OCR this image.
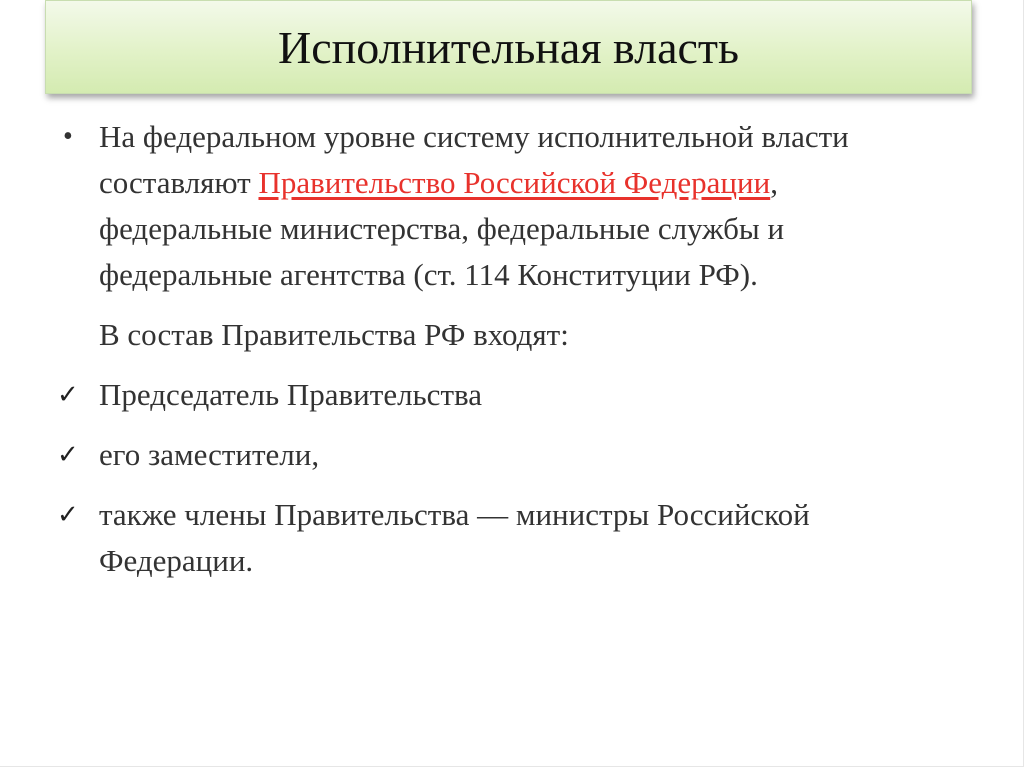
Исполнительная власть
• На федеральном уровне систему исполнительной власти составляют Правительство Российской Федерации, федеральные министерства, федеральные службы и федеральные агентства (ст. 114 Конституции РФ).
В состав Правительства РФ входят:
✓ Председатель Правительства
✓ его заместители,
✓ также члены Правительства — министры Российской Федерации.
